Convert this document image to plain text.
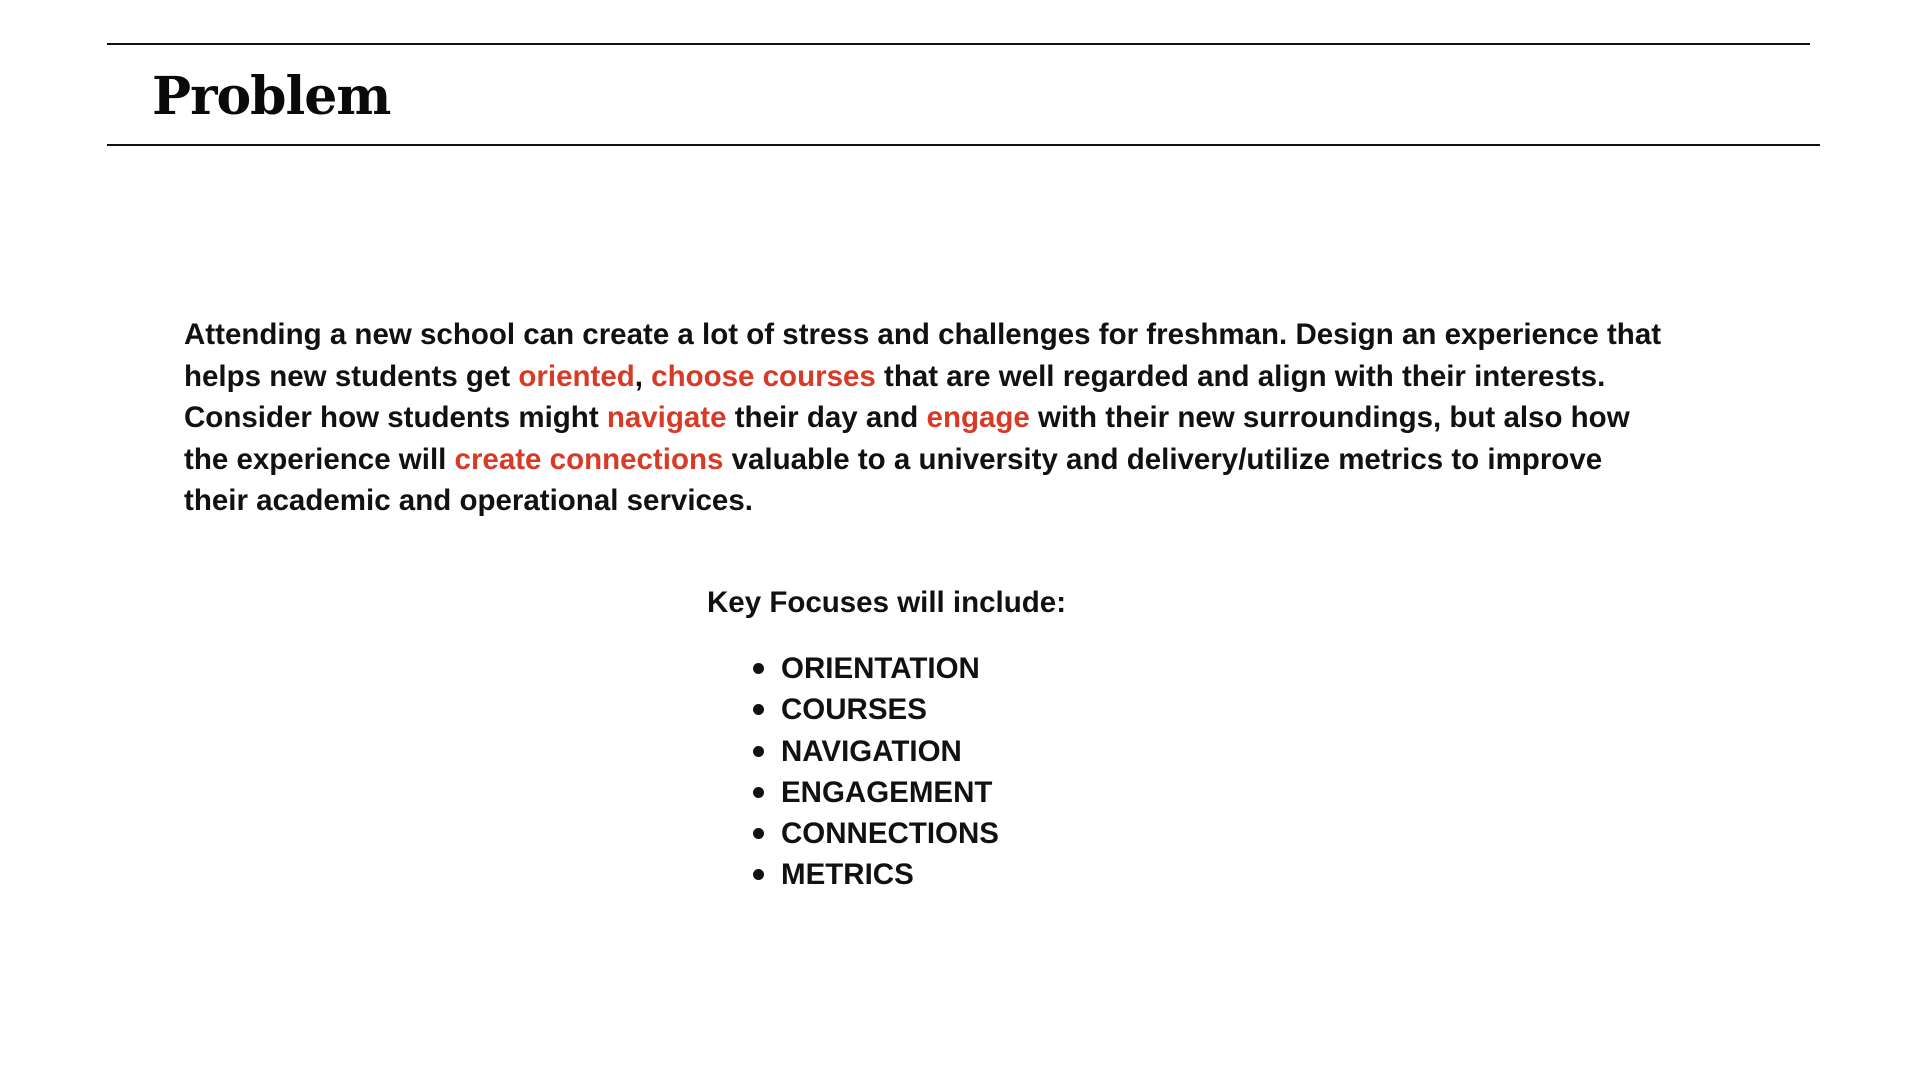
Problem

Attending a new school can create a lot of stress and challenges for freshman. Design an experience that helps new students get oriented, choose courses that are well regarded and align with their interests. Consider how students might navigate their day and engage with their new surroundings, but also how the experience will create connections valuable to a university and delivery/utilize metrics to improve their academic and operational services.

Key Focuses will include:

ORIENTATION
COURSES
NAVIGATION
ENGAGEMENT
CONNECTIONS
METRICS
